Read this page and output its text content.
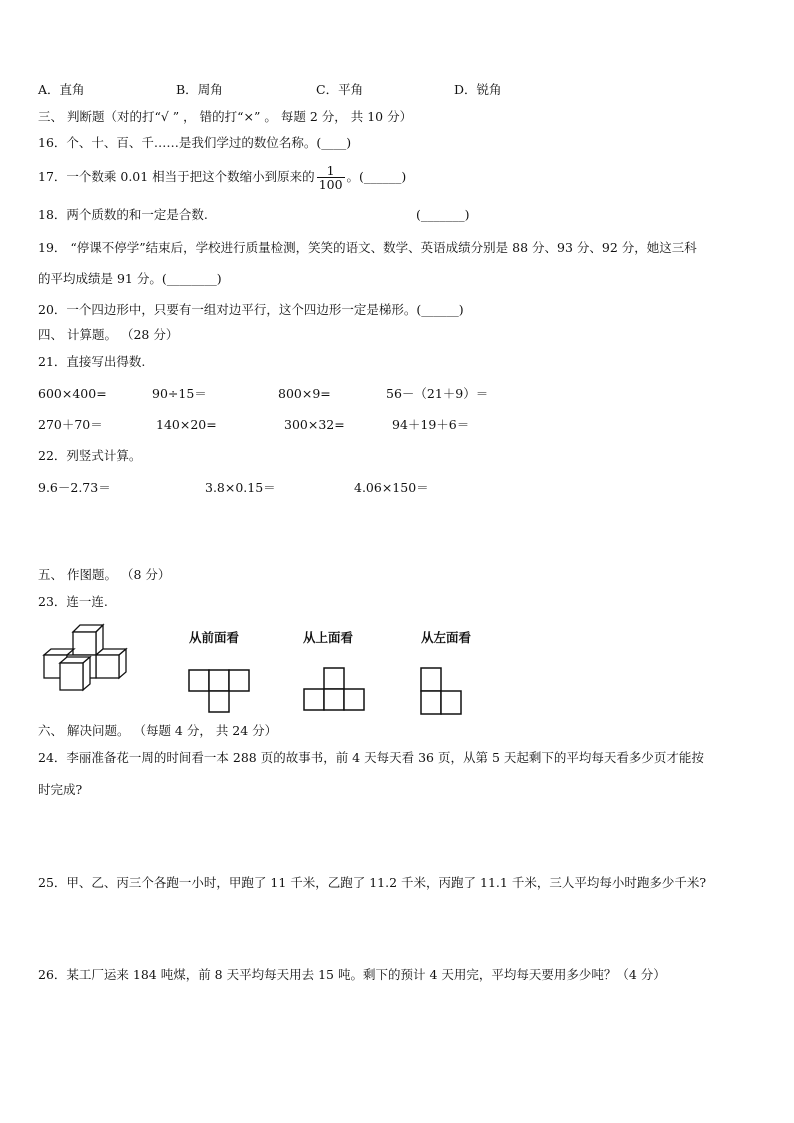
A．直角	B．周角	C．平角	D．锐角
三、 判断题（对的打“√ ” ， 错的打“×” 。 每题 2 分， 共 10 分）
16．个、十、百、千……是我们学过的数位名称。(____)
17．一个数乘 0.01 相当于把这个数缩小到原来的 $\frac{1}{100}$ 。(______)
18．两个质数的和一定是合数.	(_______)
19． “停课不停学”结束后，学校进行质量检测，笑笑的语文、数学、英语成绩分别是 88 分、93 分、92 分，她这三科
的平均成绩是 91 分。(________)
20．一个四边形中，只要有一组对边平行，这个四边形一定是梯形。(______)
四、 计算题。 （28 分）
21．直接写出得数.
600×400=	90÷15＝	800×9=	56－（21＋9）＝
270＋70＝	140×20=	300×32=	94＋19＋6＝
22．列竖式计算。
9.6－2.73＝	3.8×0.15＝	4.06×150＝
五、 作图题。 （8 分）
23．连一连.
从前面看	从上面看	从左面看
六、 解决问题。 （每题 4 分， 共 24 分）
24．李丽准备花一周的时间看一本 288 页的故事书，前 4 天每天看 36 页，从第 5 天起剩下的平均每天看多少页才能按
时完成?
25．甲、乙、丙三个各跑一小时，甲跑了 11 千米，乙跑了 11.2 千米，丙跑了 11.1 千米，三人平均每小时跑多少千米?
26．某工厂运来 184 吨煤，前 8 天平均每天用去 15 吨。剩下的预计 4 天用完，平均每天要用多少吨？（4 分）
